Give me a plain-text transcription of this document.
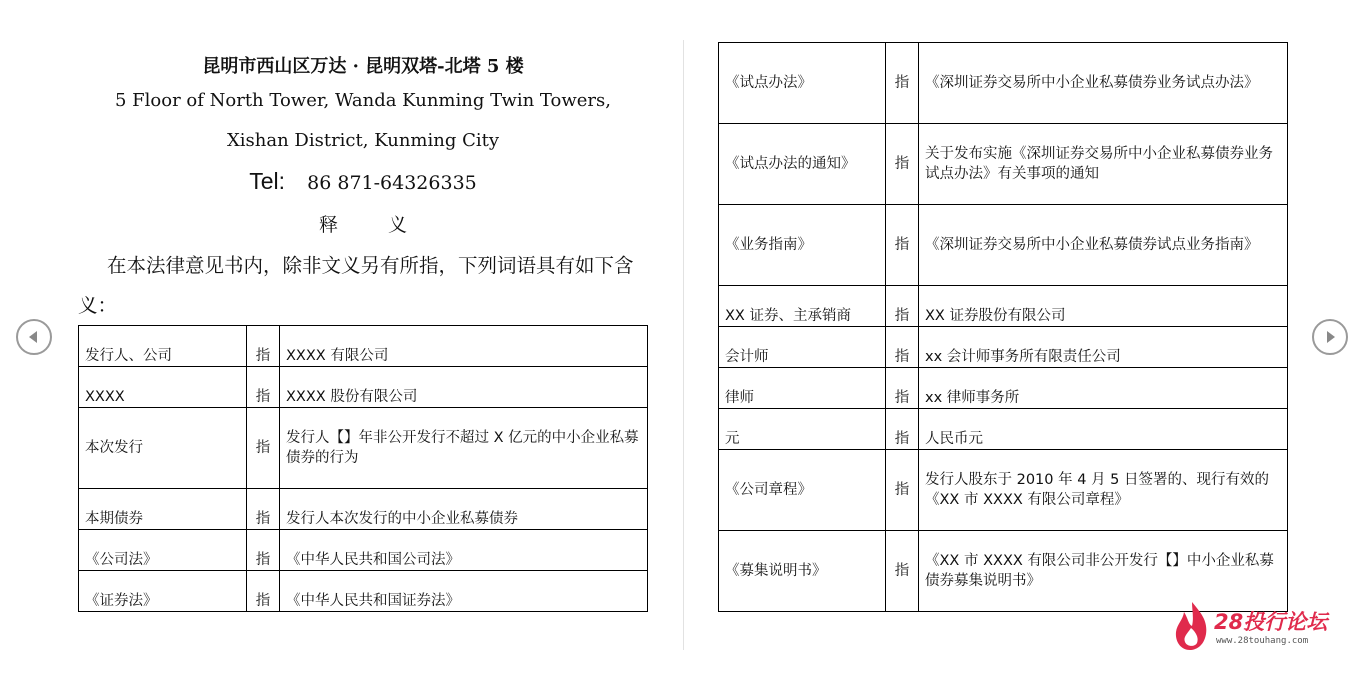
昆明市西山区万达 · 昆明双塔-北塔 5 楼
5 Floor of North Tower, Wanda Kunming Twin Towers,
Xishan District, Kunming City
Tel: 86 871-64326335
释 义
在本法律意见书内，除非文义另有所指，下列词语具有如下含义：
发行人、公司	指	XXXX 有限公司
XXXX	指	XXXX 股份有限公司
本次发行	指	发行人【】年非公开发行不超过 X 亿元的中小企业私募债券的行为
本期债券	指	发行人本次发行的中小企业私募债券
《公司法》	指	《中华人民共和国公司法》
《证券法》	指	《中华人民共和国证券法》
《试点办法》	指	《深圳证券交易所中小企业私募债券业务试点办法》
《试点办法的通知》	指	关于发布实施《深圳证券交易所中小企业私募债券业务试点办法》有关事项的通知
《业务指南》	指	《深圳证券交易所中小企业私募债券试点业务指南》
XX 证券、主承销商	指	XX 证券股份有限公司
会计师	指	xx 会计师事务所有限责任公司
律师	指	xx 律师事务所
元	指	人民币元
《公司章程》	指	发行人股东于 2010 年 4 月 5 日签署的、现行有效的《XX 市 XXXX 有限公司章程》
《募集说明书》	指	《XX 市 XXXX 有限公司非公开发行【】中小企业私募债券募集说明书》
28投行论坛
www.28touhang.com
